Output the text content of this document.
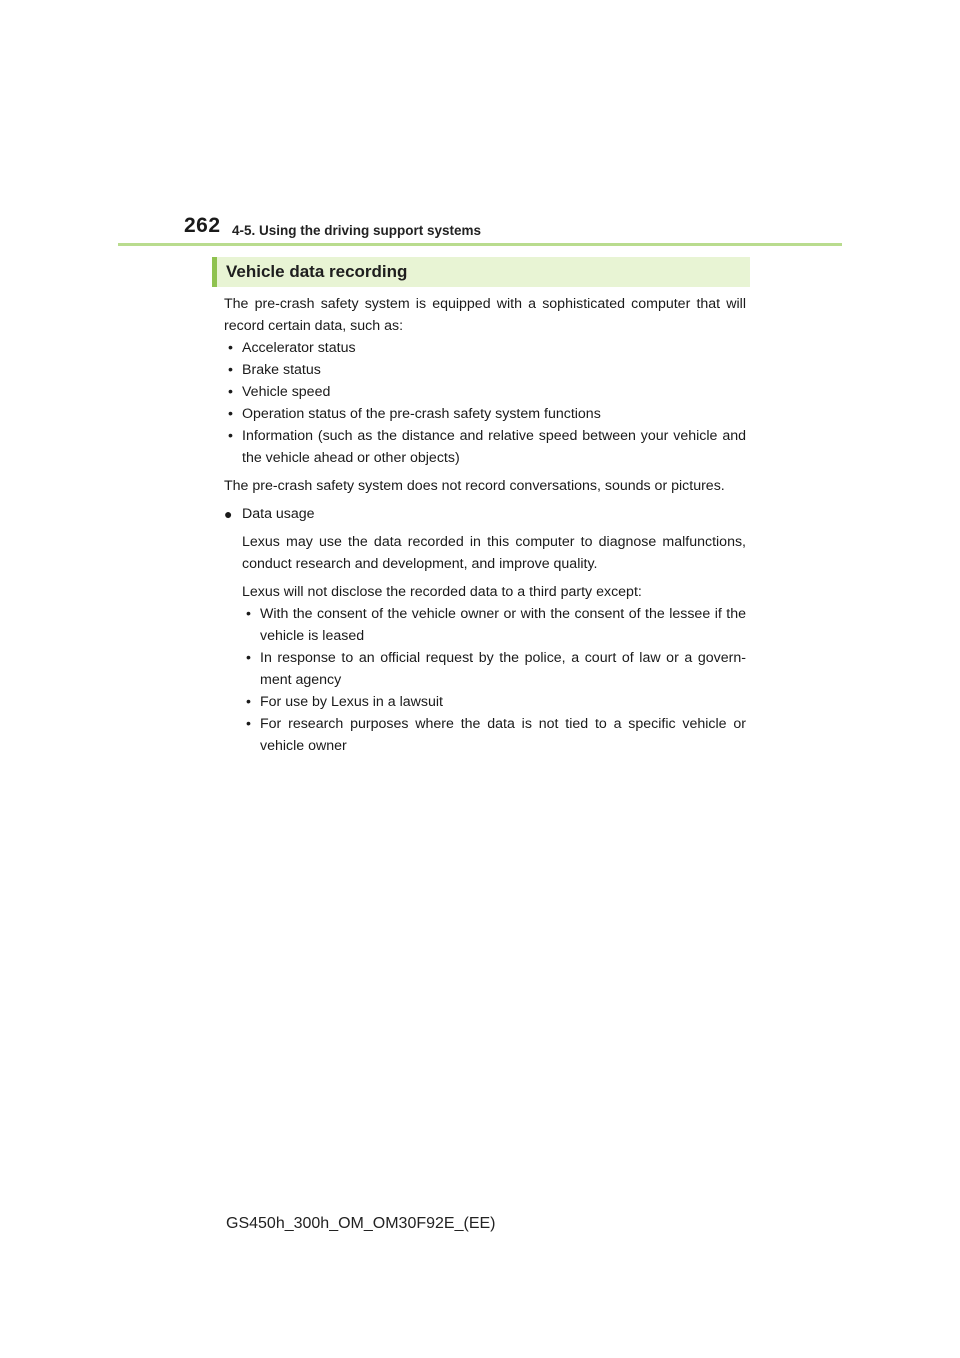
262 4-5. Using the driving support systems
Vehicle data recording

The pre-crash safety system is equipped with a sophisticated computer that will record certain data, such as:

• Accelerator status
• Brake status
• Vehicle speed
• Operation status of the pre-crash safety system functions
• Information (such as the distance and relative speed between your vehicle and the vehicle ahead or other objects)

The pre-crash safety system does not record conversations, sounds or pictures.

● Data usage

Lexus may use the data recorded in this computer to diagnose malfunctions, conduct research and development, and improve quality.

Lexus will not disclose the recorded data to a third party except:

• With the consent of the vehicle owner or with the consent of the lessee if the vehicle is leased
• In response to an official request by the police, a court of law or a govern-ment agency
• For use by Lexus in a lawsuit
• For research purposes where the data is not tied to a specific vehicle or vehicle owner
GS450h_300h_OM_OM30F92E_(EE)
